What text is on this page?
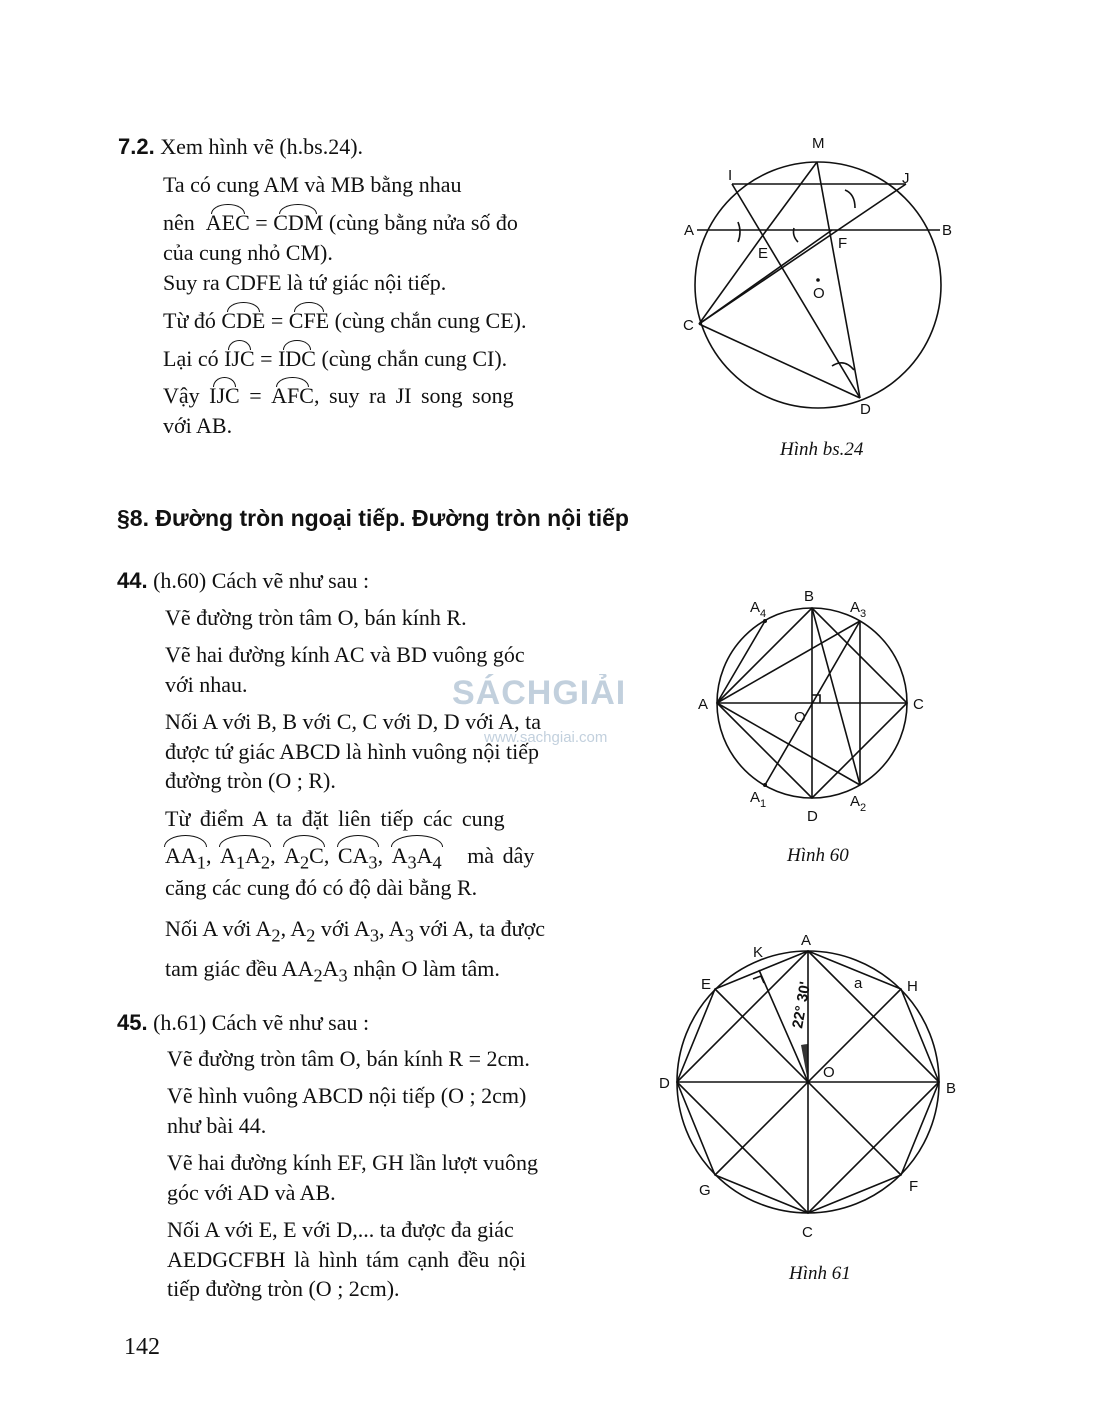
7.2. Xem hình vẽ (h.bs.24).

Ta có cung AM và MB bằng nhau

nên AEC = CDM (cùng bằng nửa số đo

của cung nhỏ CM).

Suy ra CDFE là tứ giác nội tiếp.

Từ đó CDE = CFE (cùng chắn cung CE).

Lại có IJC = IDC (cùng chắn cung CI).

Vậy IJC = AFC, suy ra JI song song

với AB.

M
I	J
A	B
E
F
O
C
D
Hình bs.24
§8. Đường tròn ngoại tiếp. Đường tròn nội tiếp

44. (h.60) Cách vẽ như sau :

Vẽ đường tròn tâm O, bán kính R.

Vẽ hai đường kính AC và BD vuông góc

với nhau.

Nối A với B, B với C, C với D, D với A, ta

được tứ giác ABCD là hình vuông nội tiếp

đường tròn (O ; R).

Từ điểm A ta đặt liên tiếp các cung

$AA_1$, $A_1A_2$, $A_2C$, $CA_3$, $A_3A_4$ mà dây

căng các cung đó có độ dài bằng R.

Nối A với $A_2$, $A_2$ với $A_3$, $A_3$ với A, ta được

tam giác đều $AA_2A_3$ nhận O làm tâm.

B
$A_4$	$A_3$
A	C
O
$A_1$	$A_2$
D
Hình 60

45. (h.61) Cách vẽ như sau :

Vẽ đường tròn tâm O, bán kính R = 2cm.

Vẽ hình vuông ABCD nội tiếp (O ; 2cm)

như bài 44.

Vẽ hai đường kính EF, GH lần lượt vuông

góc với AD và AB.

Nối A với E, E với D,... ta được đa giác

AEDGCFBH là hình tám cạnh đều nội

tiếp đường tròn (O ; 2cm).

A
K
E	H
a
D	B
O
G	F
C
22° 30'
Hình 61
SÁCHGIẢI
www.sachgiai.com
142
